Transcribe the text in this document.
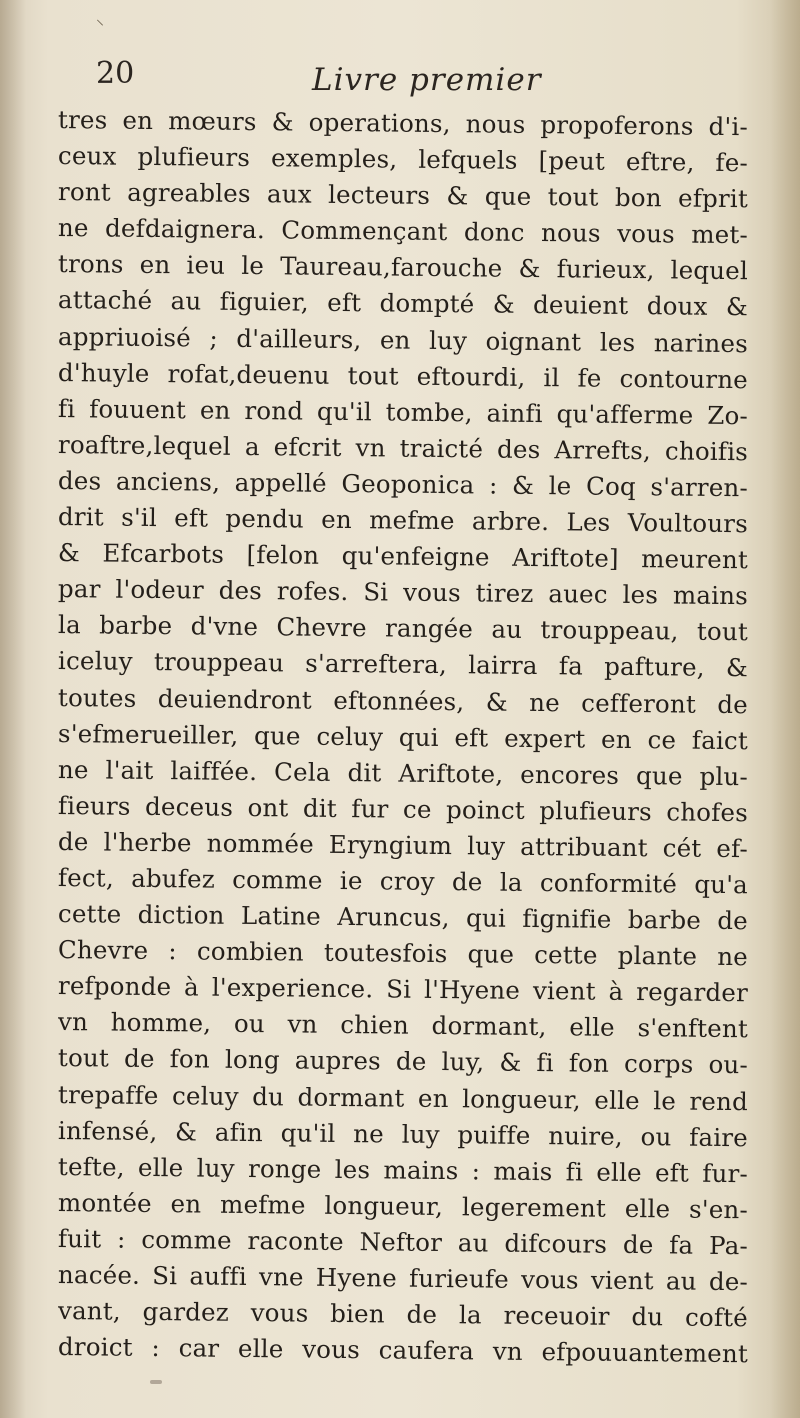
⸌
20	Livre premier
tres en mœurs & operations, nous propoferons d'i-
ceux plufieurs exemples, lefquels [peut eftre, fe-
ront agreables aux lecteurs & que tout bon efprit
ne defdaignera. Commençant donc nous vous met-
trons en ieu le Taureau,farouche & furieux, lequel
attaché au figuier, eft dompté & deuient doux &
appriuoisé ; d'ailleurs, en luy oignant les narines
d'huyle rofat,deuenu tout eftourdi, il fe contourne
fi fouuent en rond qu'il tombe, ainfi qu'afferme Zo-
roaftre,lequel a efcrit vn traicté des Arrefts, choifis
des anciens, appellé Geoponica : & le Coq s'arren-
drit s'il eft pendu en mefme arbre. Les Voultours
& Efcarbots [felon qu'enfeigne Ariftote] meurent
par l'odeur des rofes. Si vous tirez auec les mains
la barbe d'vne Chevre rangée au trouppeau, tout
iceluy trouppeau s'arreftera, lairra fa pafture, &
toutes deuiendront eftonnées, & ne cefferont de
s'efmerueiller, que celuy qui eft expert en ce faict
ne l'ait laiffée. Cela dit Ariftote, encores que plu-
fieurs deceus ont dit fur ce poinct plufieurs chofes
de l'herbe nommée Eryngium luy attribuant cét ef-
fect, abufez comme ie croy de la conformité qu'a
cette diction Latine Aruncus, qui fignifie barbe de
Chevre : combien toutesfois que cette plante ne
refponde à l'experience. Si l'Hyene vient à regarder
vn homme, ou vn chien dormant, elle s'enftent
tout de fon long aupres de luy, & fi fon corps ou-
trepaffe celuy du dormant en longueur, elle le rend
infensé, & afin qu'il ne luy puiffe nuire, ou faire
tefte, elle luy ronge les mains : mais fi elle eft fur-
montée en mefme longueur, legerement elle s'en-
fuit : comme raconte Neftor au difcours de fa Pa-
nacée. Si auffi vne Hyene furieufe vous vient au de-
vant, gardez vous bien de la receuoir du cofté
droict : car elle vous caufera vn efpouuantement
